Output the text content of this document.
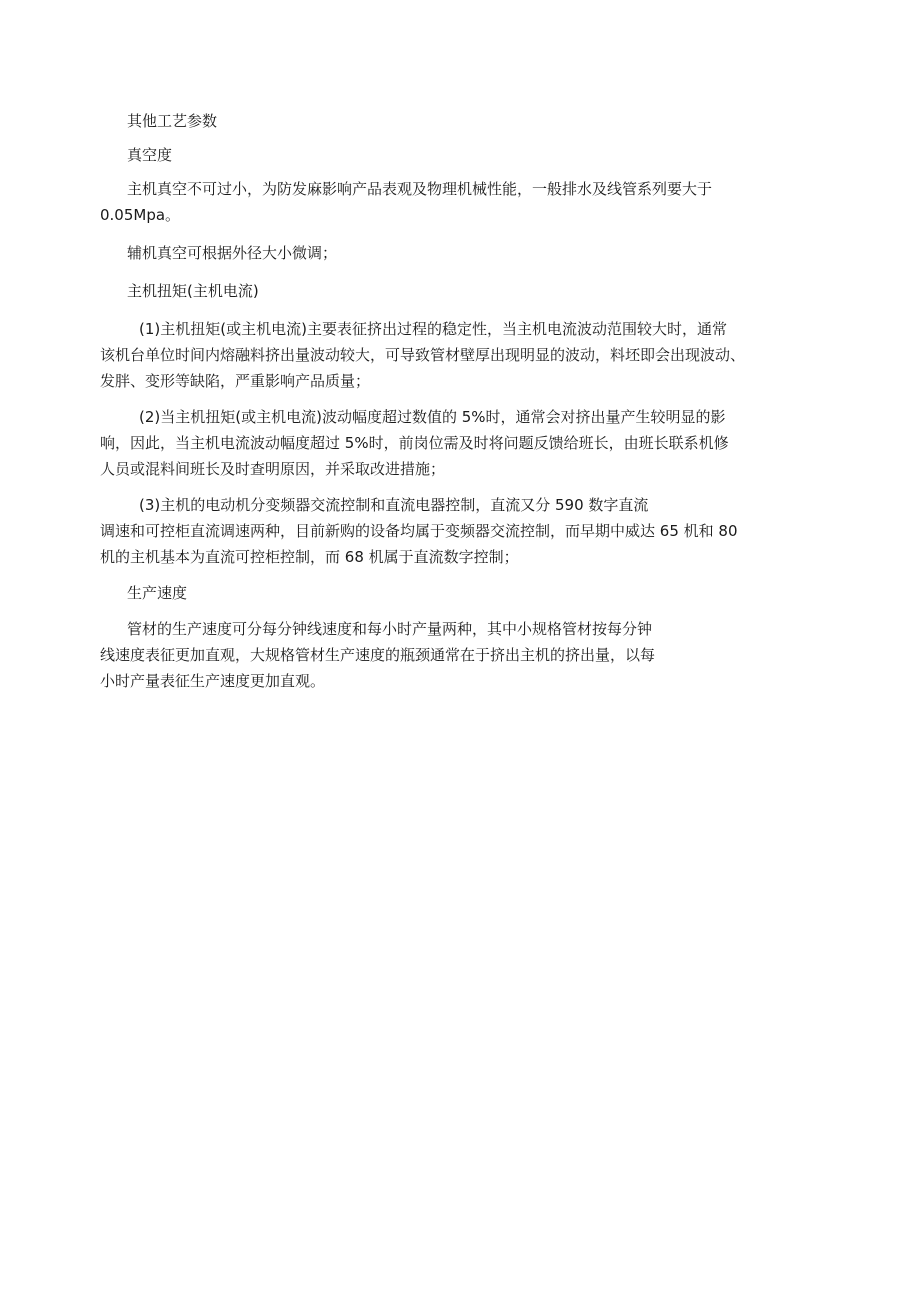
其他工艺参数

真空度

主机真空不可过小，为防发麻影响产品表观及物理机械性能，一般排水及线管系列要大于
0.05Mpa。

辅机真空可根据外径大小微调；

主机扭矩(主机电流)

(1)主机扭矩(或主机电流)主要表征挤出过程的稳定性，当主机电流波动范围较大时，通常
该机台单位时间内熔融料挤出量波动较大，可导致管材壁厚出现明显的波动，料坯即会出现波动、
发胖、变形等缺陷，严重影响产品质量；

(2)当主机扭矩(或主机电流)波动幅度超过数值的 5%时，通常会对挤出量产生较明显的影
响，因此，当主机电流波动幅度超过 5%时，前岗位需及时将问题反馈给班长，由班长联系机修
人员或混料间班长及时查明原因，并采取改进措施；

(3)主机的电动机分变频器交流控制和直流电器控制，直流又分 590 数字直流
调速和可控柜直流调速两种，目前新购的设备均属于变频器交流控制，而早期中威达 65 机和 80
机的主机基本为直流可控柜控制，而 68 机属于直流数字控制；

生产速度

管材的生产速度可分每分钟线速度和每小时产量两种，其中小规格管材按每分钟
线速度表征更加直观，大规格管材生产速度的瓶颈通常在于挤出主机的挤出量，以每
小时产量表征生产速度更加直观。
